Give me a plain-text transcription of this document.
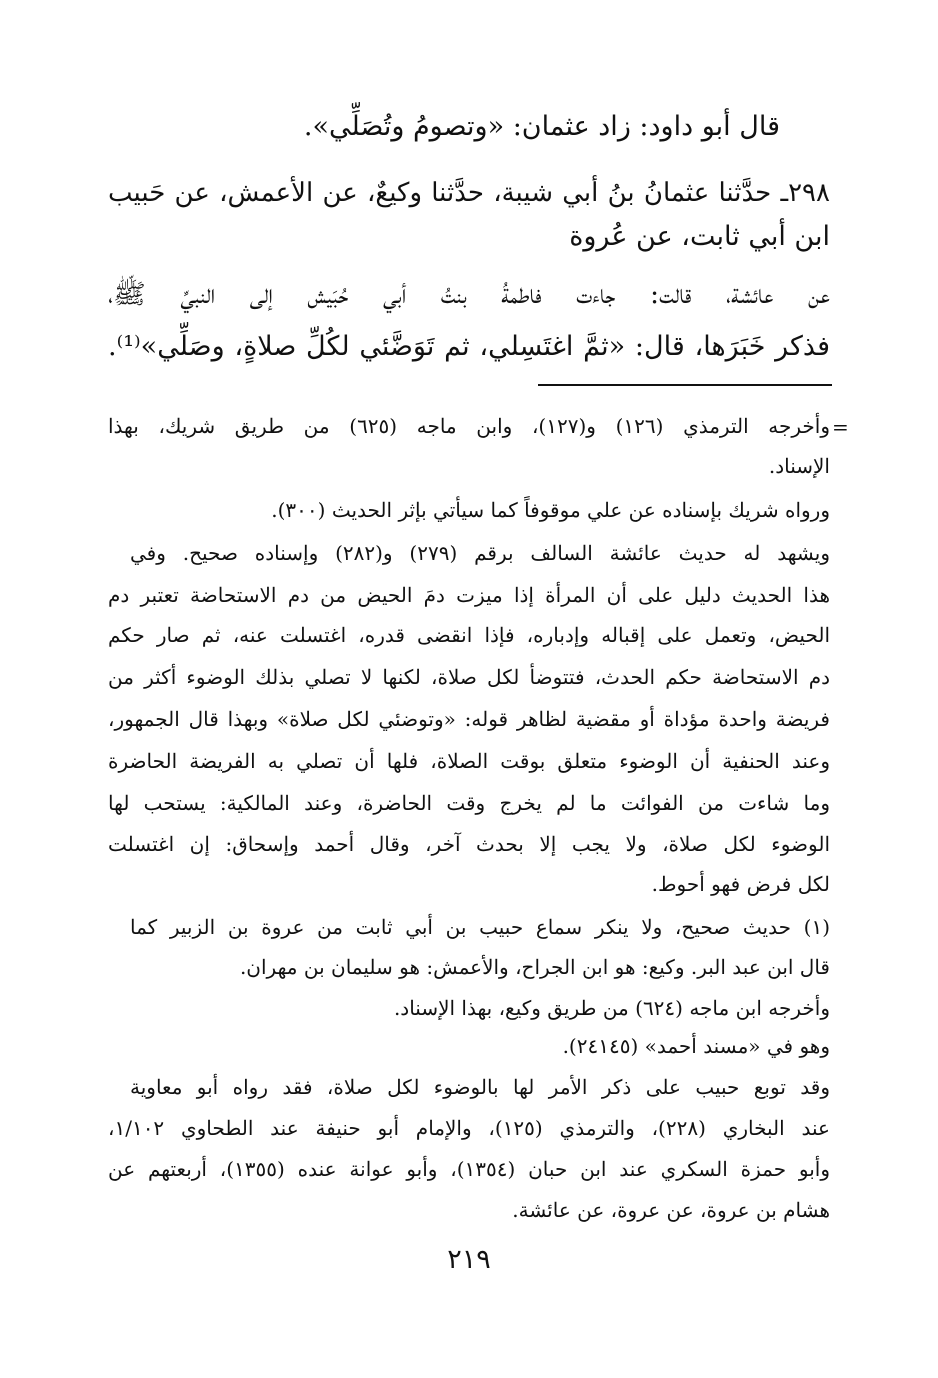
قال أبو داود: زاد عثمان: «وتصومُ وتُصَلِّي».
٢٩٨ـ حدَّثنا عثمانُ بنُ أبي شيبة، حدَّثنا وكيعٌ، عن الأعمش، عن حَبيب
ابن أبي ثابت، عن عُروة
عن عائشة، قالت: جاءت فاطمةُ بنتُ أبي حُبَيش إلى النبيِّ ﷺ،
فذكر خَبَرَها، قال: «ثمَّ اغتَسِلي، ثم تَوَضَّئي لكُلِّ صلاةٍ، وصَلِّي»⁽¹⁾.
=
وأخرجه الترمذي (١٢٦) و(١٢٧)، وابن ماجه (٦٢٥) من طريق شريك، بهذا
الإسناد.
ورواه شريك بإسناده عن علي موقوفاً كما سيأتي بإثر الحديث (٣٠٠).
ويشهد له حديث عائشة السالف برقم (٢٧٩) و(٢٨٢) وإسناده صحيح. وفي
هذا الحديث دليل على أن المرأة إذا ميزت دمَ الحيض من دم الاستحاضة تعتبر دم
الحيض، وتعمل على إقباله وإدباره، فإذا انقضى قدره، اغتسلت عنه، ثم صار حكم
دم الاستحاضة حكم الحدث، فتتوضأ لكل صلاة، لكنها لا تصلي بذلك الوضوء أكثر من
فريضة واحدة مؤداة أو مقضية لظاهر قوله: «وتوضئي لكل صلاة» وبهذا قال الجمهور،
وعند الحنفية أن الوضوء متعلق بوقت الصلاة، فلها أن تصلي به الفريضة الحاضرة
وما شاءت من الفوائت ما لم يخرج وقت الحاضرة، وعند المالكية: يستحب لها
الوضوء لكل صلاة، ولا يجب إلا بحدث آخر، وقال أحمد وإسحاق: إن اغتسلت
لكل فرض فهو أحوط.
(١) حديث صحيح، ولا ينكر سماع حبيب بن أبي ثابت من عروة بن الزبير كما
قال ابن عبد البر. وكيع: هو ابن الجراح، والأعمش: هو سليمان بن مهران.
وأخرجه ابن ماجه (٦٢٤) من طريق وكيع، بهذا الإسناد.
وهو في «مسند أحمد» (٢٤١٤٥).
وقد توبع حبيب على ذكر الأمر لها بالوضوء لكل صلاة، فقد رواه أبو معاوية
عند البخاري (٢٢٨)، والترمذي (١٢٥)، والإمام أبو حنيفة عند الطحاوي ١/١٠٢،
وأبو حمزة السكري عند ابن حبان (١٣٥٤)، وأبو عوانة عنده (١٣٥٥)، أربعتهم عن
هشام بن عروة، عن عروة، عن عائشة.
٢١٩
